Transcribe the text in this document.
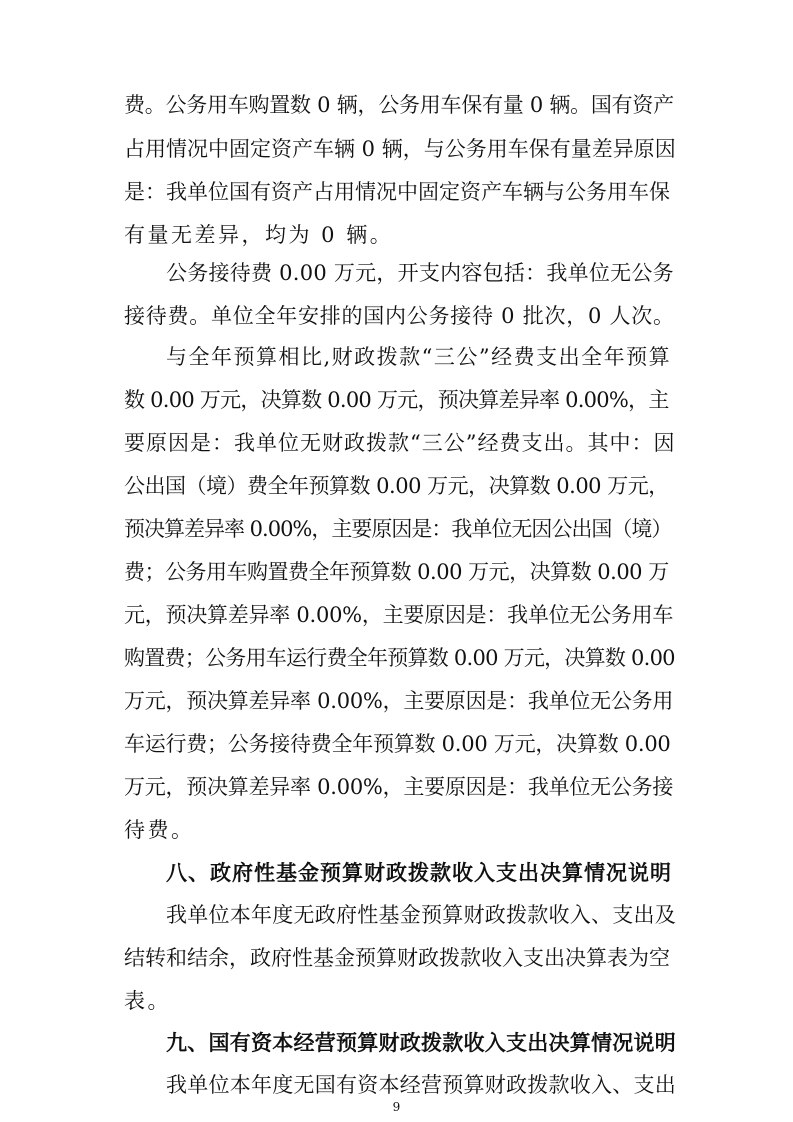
费。公务用车购置数 0 辆，公务用车保有量 0 辆。国有资产
占用情况中固定资产车辆 0 辆，与公务用车保有量差异原因
是：我单位国有资产占用情况中固定资产车辆与公务用车保
有量无差异，均为 0 辆。
公务接待费 0.00 万元，开支内容包括：我单位无公务
接待费。单位全年安排的国内公务接待 0 批次，0 人次。
与全年预算相比,财政拨款“三公”经费支出全年预算
数 0.00 万元，决算数 0.00 万元，预决算差异率 0.00%，主
要原因是：我单位无财政拨款“三公”经费支出。其中：因
公出国（境）费全年预算数 0.00 万元，决算数 0.00 万元，
预决算差异率 0.00%，主要原因是：我单位无因公出国（境）
费；公务用车购置费全年预算数 0.00 万元，决算数 0.00 万
元，预决算差异率 0.00%，主要原因是：我单位无公务用车
购置费；公务用车运行费全年预算数 0.00 万元，决算数 0.00
万元，预决算差异率 0.00%，主要原因是：我单位无公务用
车运行费；公务接待费全年预算数 0.00 万元，决算数 0.00
万元，预决算差异率 0.00%，主要原因是：我单位无公务接
待费。
八、政府性基金预算财政拨款收入支出决算情况说明
我单位本年度无政府性基金预算财政拨款收入、支出及
结转和结余，政府性基金预算财政拨款收入支出决算表为空
表。
九、国有资本经营预算财政拨款收入支出决算情况说明
我单位本年度无国有资本经营预算财政拨款收入、支出
9
